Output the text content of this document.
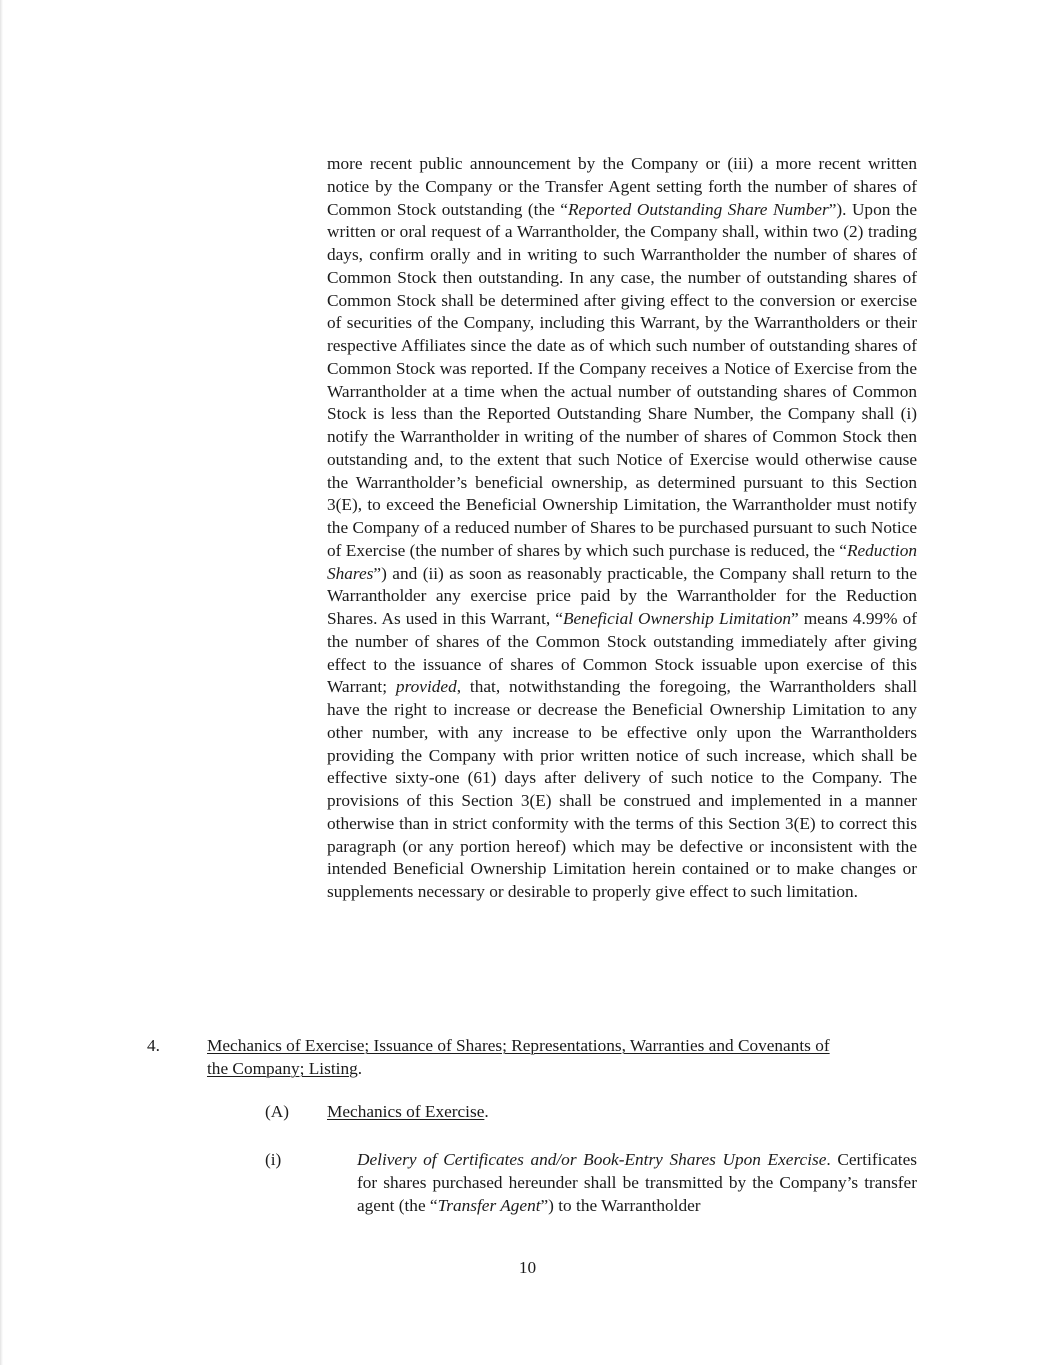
more recent public announcement by the Company or (iii) a more recent written notice by the Company or the Transfer Agent setting forth the number of shares of Common Stock outstanding (the “Reported Outstanding Share Number”). Upon the written or oral request of a Warrantholder, the Company shall, within two (2) trading days, confirm orally and in writing to such Warrantholder the number of shares of Common Stock then outstanding. In any case, the number of outstanding shares of Common Stock shall be determined after giving effect to the conversion or exercise of securities of the Company, including this Warrant, by the Warrantholders or their respective Affiliates since the date as of which such number of outstanding shares of Common Stock was reported. If the Company receives a Notice of Exercise from the Warrantholder at a time when the actual number of outstanding shares of Common Stock is less than the Reported Outstanding Share Number, the Company shall (i) notify the Warrantholder in writing of the number of shares of Common Stock then outstanding and, to the extent that such Notice of Exercise would otherwise cause the Warrantholder’s beneficial ownership, as determined pursuant to this Section 3(E), to exceed the Beneficial Ownership Limitation, the Warrantholder must notify the Company of a reduced number of Shares to be purchased pursuant to such Notice of Exercise (the number of shares by which such purchase is reduced, the “Reduction Shares”) and (ii) as soon as reasonably practicable, the Company shall return to the Warrantholder any exercise price paid by the Warrantholder for the Reduction Shares. As used in this Warrant, “Beneficial Ownership Limitation” means 4.99% of the number of shares of the Common Stock outstanding immediately after giving effect to the issuance of shares of Common Stock issuable upon exercise of this Warrant; provided, that, notwithstanding the foregoing, the Warrantholders shall have the right to increase or decrease the Beneficial Ownership Limitation to any other number, with any increase to be effective only upon the Warrantholders providing the Company with prior written notice of such increase, which shall be effective sixty-one (61) days after delivery of such notice to the Company. The provisions of this Section 3(E) shall be construed and implemented in a manner otherwise than in strict conformity with the terms of this Section 3(E) to correct this paragraph (or any portion hereof) which may be defective or inconsistent with the intended Beneficial Ownership Limitation herein contained or to make changes or supplements necessary or desirable to properly give effect to such limitation.

4.	Mechanics of Exercise; Issuance of Shares; Representations, Warranties and Covenants of
the Company; Listing.
(A) Mechanics of Exercise.
(i)	Delivery of Certificates and/or Book-Entry Shares Upon Exercise. Certificates for shares purchased hereunder shall be transmitted by the Company’s transfer agent (the “Transfer Agent”) to the Warrantholder

10
